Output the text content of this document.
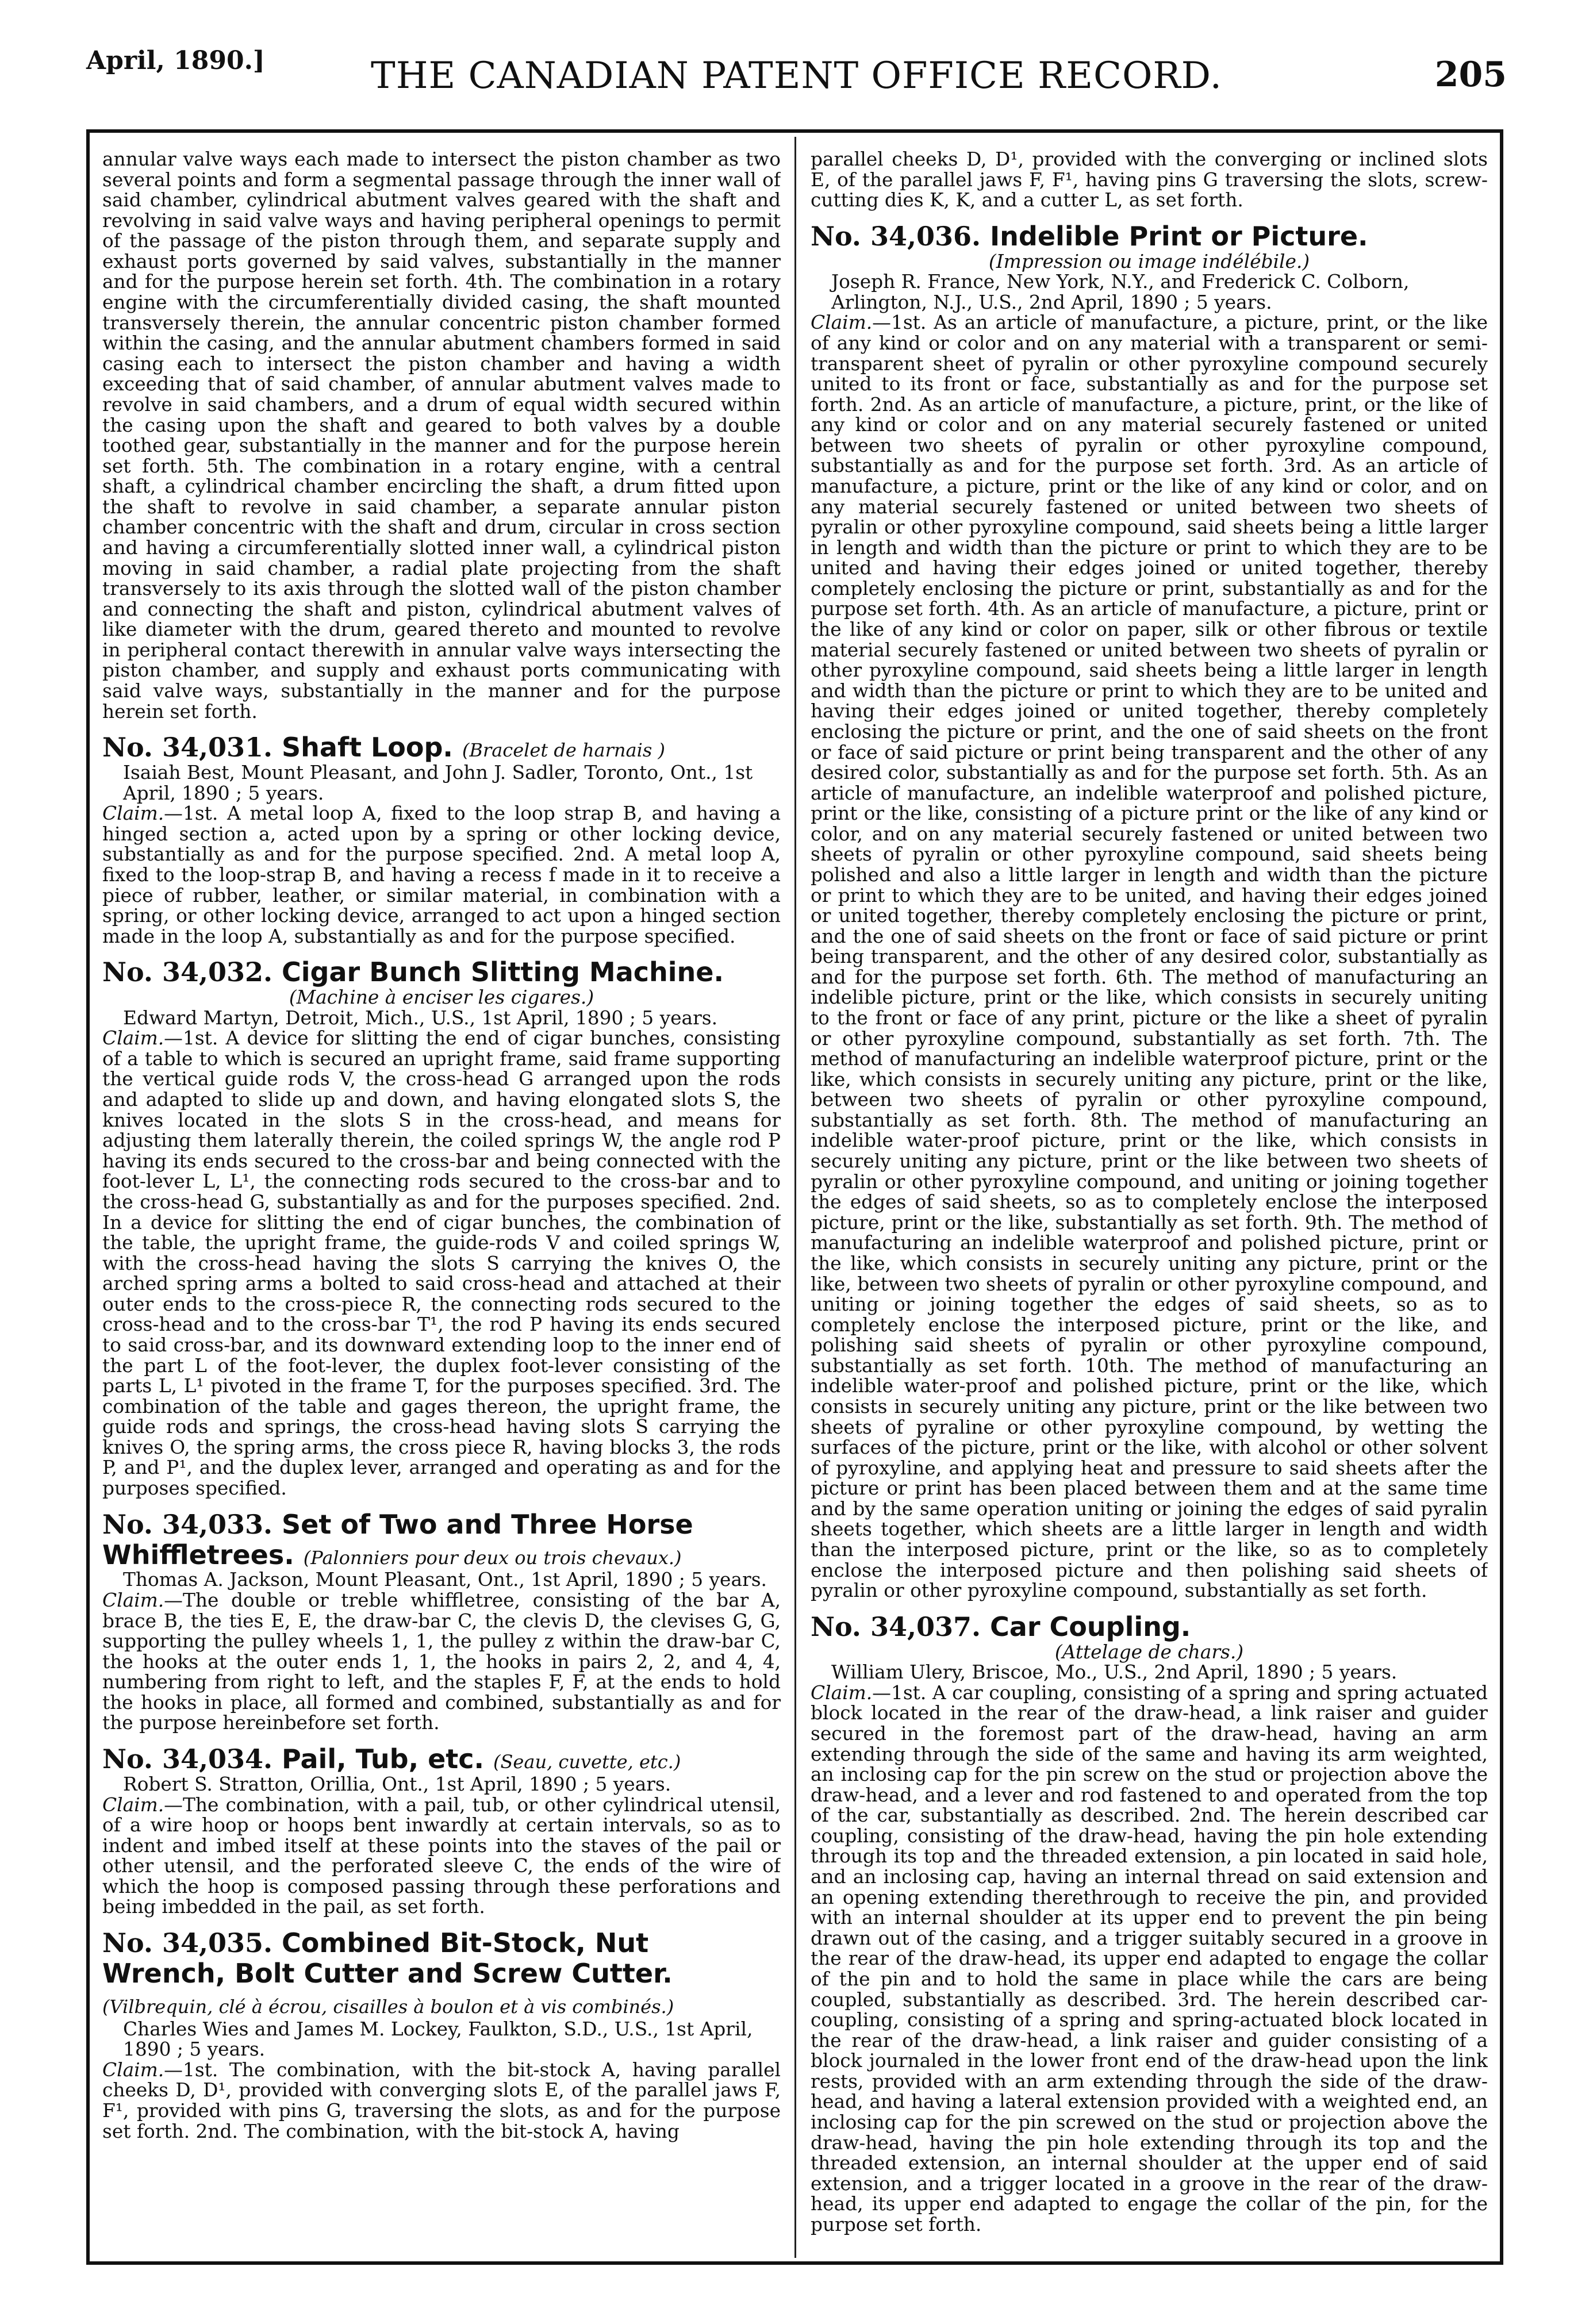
April, 1890.]	THE CANADIAN PATENT OFFICE RECORD.	205

annular valve ways each made to intersect the piston chamber as two several points and form a segmental passage through the inner wall of said chamber, cylindrical abutment valves geared with the shaft and revolving in said valve ways and having peripheral openings to permit of the passage of the piston through them, and separate supply and exhaust ports governed by said valves, substantially in the manner and for the purpose herein set forth. 4th. The combination in a rotary engine with the circumferentially divided casing, the shaft mounted transversely therein, the annular concentric piston chamber formed within the casing, and the annular abutment chambers formed in said casing each to intersect the piston chamber and having a width exceeding that of said chamber, of annular abutment valves made to revolve in said chambers, and a drum of equal width secured within the casing upon the shaft and geared to both valves by a double toothed gear, substantially in the manner and for the purpose herein set forth. 5th. The combination in a rotary engine, with a central shaft, a cylindrical chamber encircling the shaft, a drum fitted upon the shaft to revolve in said chamber, a separate annular piston chamber concentric with the shaft and drum, circular in cross section and having a circumferentially slotted inner wall, a cylindrical piston moving in said chamber, a radial plate projecting from the shaft transversely to its axis through the slotted wall of the piston chamber and connecting the shaft and piston, cylindrical abutment valves of like diameter with the drum, geared thereto and mounted to revolve in peripheral contact therewith in annular valve ways intersecting the piston chamber, and supply and exhaust ports communicating with said valve ways, substantially in the manner and for the purpose herein set forth.

No. 34,031. Shaft Loop. (Bracelet de harnais )

Isaiah Best, Mount Pleasant, and John J. Sadler, Toronto, Ont., 1st April, 1890 ; 5 years.

Claim.—1st. A metal loop A, fixed to the loop strap B, and having a hinged section a, acted upon by a spring or other locking device, substantially as and for the purpose specified. 2nd. A metal loop A, fixed to the loop-strap B, and having a recess f made in it to receive a piece of rubber, leather, or similar material, in combination with a spring, or other locking device, arranged to act upon a hinged section made in the loop A, substantially as and for the purpose specified.

No. 34,032. Cigar Bunch Slitting Machine.

(Machine à enciser les cigares.)

Edward Martyn, Detroit, Mich., U.S., 1st April, 1890 ; 5 years.

Claim.—1st. A device for slitting the end of cigar bunches, consisting of a table to which is secured an upright frame, said frame supporting the vertical guide rods V, the cross-head G arranged upon the rods and adapted to slide up and down, and having elongated slots S, the knives located in the slots S in the cross-head, and means for adjusting them laterally therein, the coiled springs W, the angle rod P having its ends secured to the cross-bar and being connected with the foot-lever L, L¹, the connecting rods secured to the cross-bar and to the cross-head G, substantially as and for the purposes specified. 2nd. In a device for slitting the end of cigar bunches, the combination of the table, the upright frame, the guide-rods V and coiled springs W, with the cross-head having the slots S carrying the knives O, the arched spring arms a bolted to said cross-head and attached at their outer ends to the cross-piece R, the connecting rods secured to the cross-head and to the cross-bar T¹, the rod P having its ends secured to said cross-bar, and its downward extending loop to the inner end of the part L of the foot-lever, the duplex foot-lever consisting of the parts L, L¹ pivoted in the frame T, for the purposes specified. 3rd. The combination of the table and gages thereon, the upright frame, the guide rods and springs, the cross-head having slots S carrying the knives O, the spring arms, the cross piece R, having blocks 3, the rods P, and P¹, and the duplex lever, arranged and operating as and for the purposes specified.

No. 34,033. Set of Two and Three Horse Whiffletrees. (Palonniers pour deux ou trois chevaux.)

Thomas A. Jackson, Mount Pleasant, Ont., 1st April, 1890 ; 5 years.

Claim.—The double or treble whiffletree, consisting of the bar A, brace B, the ties E, E, the draw-bar C, the clevis D, the clevises G, G, supporting the pulley wheels 1, 1, the pulley z within the draw-bar C, the hooks at the outer ends 1, 1, the hooks in pairs 2, 2, and 4, 4, numbering from right to left, and the staples F, F, at the ends to hold the hooks in place, all formed and combined, substantially as and for the purpose hereinbefore set forth.

No. 34,034. Pail, Tub, etc. (Seau, cuvette, etc.)

Robert S. Stratton, Orillia, Ont., 1st April, 1890 ; 5 years.

Claim.—The combination, with a pail, tub, or other cylindrical utensil, of a wire hoop or hoops bent inwardly at certain intervals, so as to indent and imbed itself at these points into the staves of the pail or other utensil, and the perforated sleeve C, the ends of the wire of which the hoop is composed passing through these perforations and being imbedded in the pail, as set forth.

No. 34,035. Combined Bit-Stock, Nut Wrench, Bolt Cutter and Screw Cutter. (Vilbrequin, clé à écrou, cisailles à boulon et à vis combinés.)

Charles Wies and James M. Lockey, Faulkton, S.D., U.S., 1st April, 1890 ; 5 years.

Claim.—1st. The combination, with the bit-stock A, having parallel cheeks D, D¹, provided with converging slots E, of the parallel jaws F, F¹, provided with pins G, traversing the slots, as and for the purpose set forth. 2nd. The combination, with the bit-stock A, having

parallel cheeks D, D¹, provided with the converging or inclined slots E, of the parallel jaws F, F¹, having pins G traversing the slots, screw-cutting dies K, K, and a cutter L, as set forth.

No. 34,036. Indelible Print or Picture.

(Impression ou image indélébile.)

Joseph R. France, New York, N.Y., and Frederick C. Colborn, Arlington, N.J., U.S., 2nd April, 1890 ; 5 years.

Claim.—1st. As an article of manufacture, a picture, print, or the like of any kind or color and on any material with a transparent or semi-transparent sheet of pyralin or other pyroxyline compound securely united to its front or face, substantially as and for the purpose set forth. 2nd. As an article of manufacture, a picture, print, or the like of any kind or color and on any material securely fastened or united between two sheets of pyralin or other pyroxyline compound, substantially as and for the purpose set forth. 3rd. As an article of manufacture, a picture, print or the like of any kind or color, and on any material securely fastened or united between two sheets of pyralin or other pyroxyline compound, said sheets being a little larger in length and width than the picture or print to which they are to be united and having their edges joined or united together, thereby completely enclosing the picture or print, substantially as and for the purpose set forth. 4th. As an article of manufacture, a picture, print or the like of any kind or color on paper, silk or other fibrous or textile material securely fastened or united between two sheets of pyralin or other pyroxyline compound, said sheets being a little larger in length and width than the picture or print to which they are to be united and having their edges joined or united together, thereby completely enclosing the picture or print, and the one of said sheets on the front or face of said picture or print being transparent and the other of any desired color, substantially as and for the purpose set forth. 5th. As an article of manufacture, an indelible waterproof and polished picture, print or the like, consisting of a picture print or the like of any kind or color, and on any material securely fastened or united between two sheets of pyralin or other pyroxyline compound, said sheets being polished and also a little larger in length and width than the picture or print to which they are to be united, and having their edges joined or united together, thereby completely enclosing the picture or print, and the one of said sheets on the front or face of said picture or print being transparent, and the other of any desired color, substantially as and for the purpose set forth. 6th. The method of manufacturing an indelible picture, print or the like, which consists in securely uniting to the front or face of any print, picture or the like a sheet of pyralin or other pyroxyline compound, substantially as set forth. 7th. The method of manufacturing an indelible waterproof picture, print or the like, which consists in securely uniting any picture, print or the like, between two sheets of pyralin or other pyroxyline compound, substantially as set forth. 8th. The method of manufacturing an indelible water-proof picture, print or the like, which consists in securely uniting any picture, print or the like between two sheets of pyralin or other pyroxyline compound, and uniting or joining together the edges of said sheets, so as to completely enclose the interposed picture, print or the like, substantially as set forth. 9th. The method of manufacturing an indelible waterproof and polished picture, print or the like, which consists in securely uniting any picture, print or the like, between two sheets of pyralin or other pyroxyline compound, and uniting or joining together the edges of said sheets, so as to completely enclose the interposed picture, print or the like, and polishing said sheets of pyralin or other pyroxyline compound, substantially as set forth. 10th. The method of manufacturing an indelible water-proof and polished picture, print or the like, which consists in securely uniting any picture, print or the like between two sheets of pyraline or other pyroxyline compound, by wetting the surfaces of the picture, print or the like, with alcohol or other solvent of pyroxyline, and applying heat and pressure to said sheets after the picture or print has been placed between them and at the same time and by the same operation uniting or joining the edges of said pyralin sheets together, which sheets are a little larger in length and width than the interposed picture, print or the like, so as to completely enclose the interposed picture and then polishing said sheets of pyralin or other pyroxyline compound, substantially as set forth.

No. 34,037. Car Coupling.

(Attelage de chars.)

William Ulery, Briscoe, Mo., U.S., 2nd April, 1890 ; 5 years.

Claim.—1st. A car coupling, consisting of a spring and spring actuated block located in the rear of the draw-head, a link raiser and guider secured in the foremost part of the draw-head, having an arm extending through the side of the same and having its arm weighted, an inclosing cap for the pin screw on the stud or projection above the draw-head, and a lever and rod fastened to and operated from the top of the car, substantially as described. 2nd. The herein described car coupling, consisting of the draw-head, having the pin hole extending through its top and the threaded extension, a pin located in said hole, and an inclosing cap, having an internal thread on said extension and an opening extending therethrough to receive the pin, and provided with an internal shoulder at its upper end to prevent the pin being drawn out of the casing, and a trigger suitably secured in a groove in the rear of the draw-head, its upper end adapted to engage the collar of the pin and to hold the same in place while the cars are being coupled, substantially as described. 3rd. The herein described car-coupling, consisting of a spring and spring-actuated block located in the rear of the draw-head, a link raiser and guider consisting of a block journaled in the lower front end of the draw-head upon the link rests, provided with an arm extending through the side of the draw-head, and having a lateral extension provided with a weighted end, an inclosing cap for the pin screwed on the stud or projection above the draw-head, having the pin hole extending through its top and the threaded extension, an internal shoulder at the upper end of said extension, and a trigger located in a groove in the rear of the draw-head, its upper end adapted to engage the collar of the pin, for the purpose set forth.
